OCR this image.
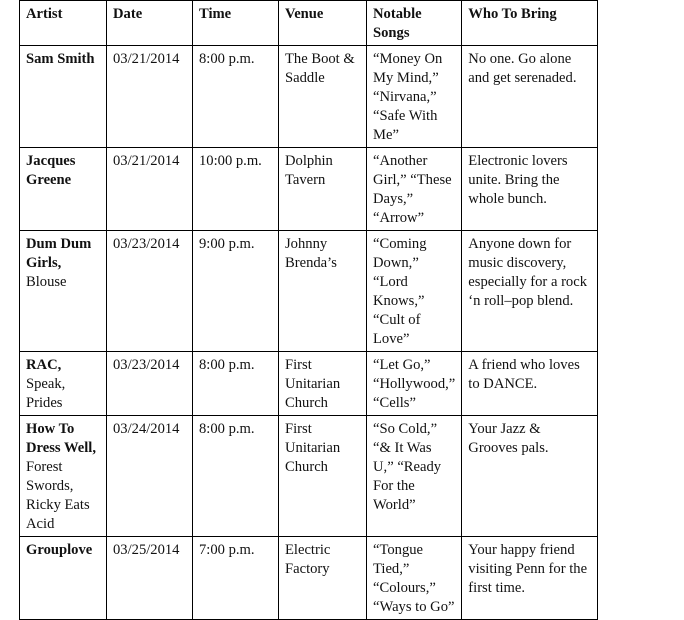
Artist	Date	Time	Venue	Notable Songs	Who To Bring
Sam Smith	03/21/2014	8:00 p.m.	The Boot & Saddle	“Money On My Mind,” “Nirvana,” “Safe With Me”	No one. Go alone and get serenaded.
Jacques Greene	03/21/2014	10:00 p.m.	Dolphin Tavern	“Another Girl,” “These Days,” “Arrow”	Electronic lovers unite. Bring the whole bunch.
Dum Dum Girls, Blouse	03/23/2014	9:00 p.m.	Johnny Brenda’s	“Coming Down,” “Lord Knows,” “Cult of Love”	Anyone down for music discovery, especially for a rock ‘n roll–pop blend.
RAC, Speak, Prides	03/23/2014	8:00 p.m.	First Unitarian Church	“Let Go,” “Hollywood,” “Cells”	A friend who loves to DANCE.
How To Dress Well, Forest Swords, Ricky Eats Acid	03/24/2014	8:00 p.m.	First Unitarian Church	“So Cold,” “& It Was U,” “Ready For the World”	Your Jazz & Grooves pals.
Grouplove	03/25/2014	7:00 p.m.	Electric Factory	“Tongue Tied,” “Colours,” “Ways to Go”	Your happy friend visiting Penn for the first time.
